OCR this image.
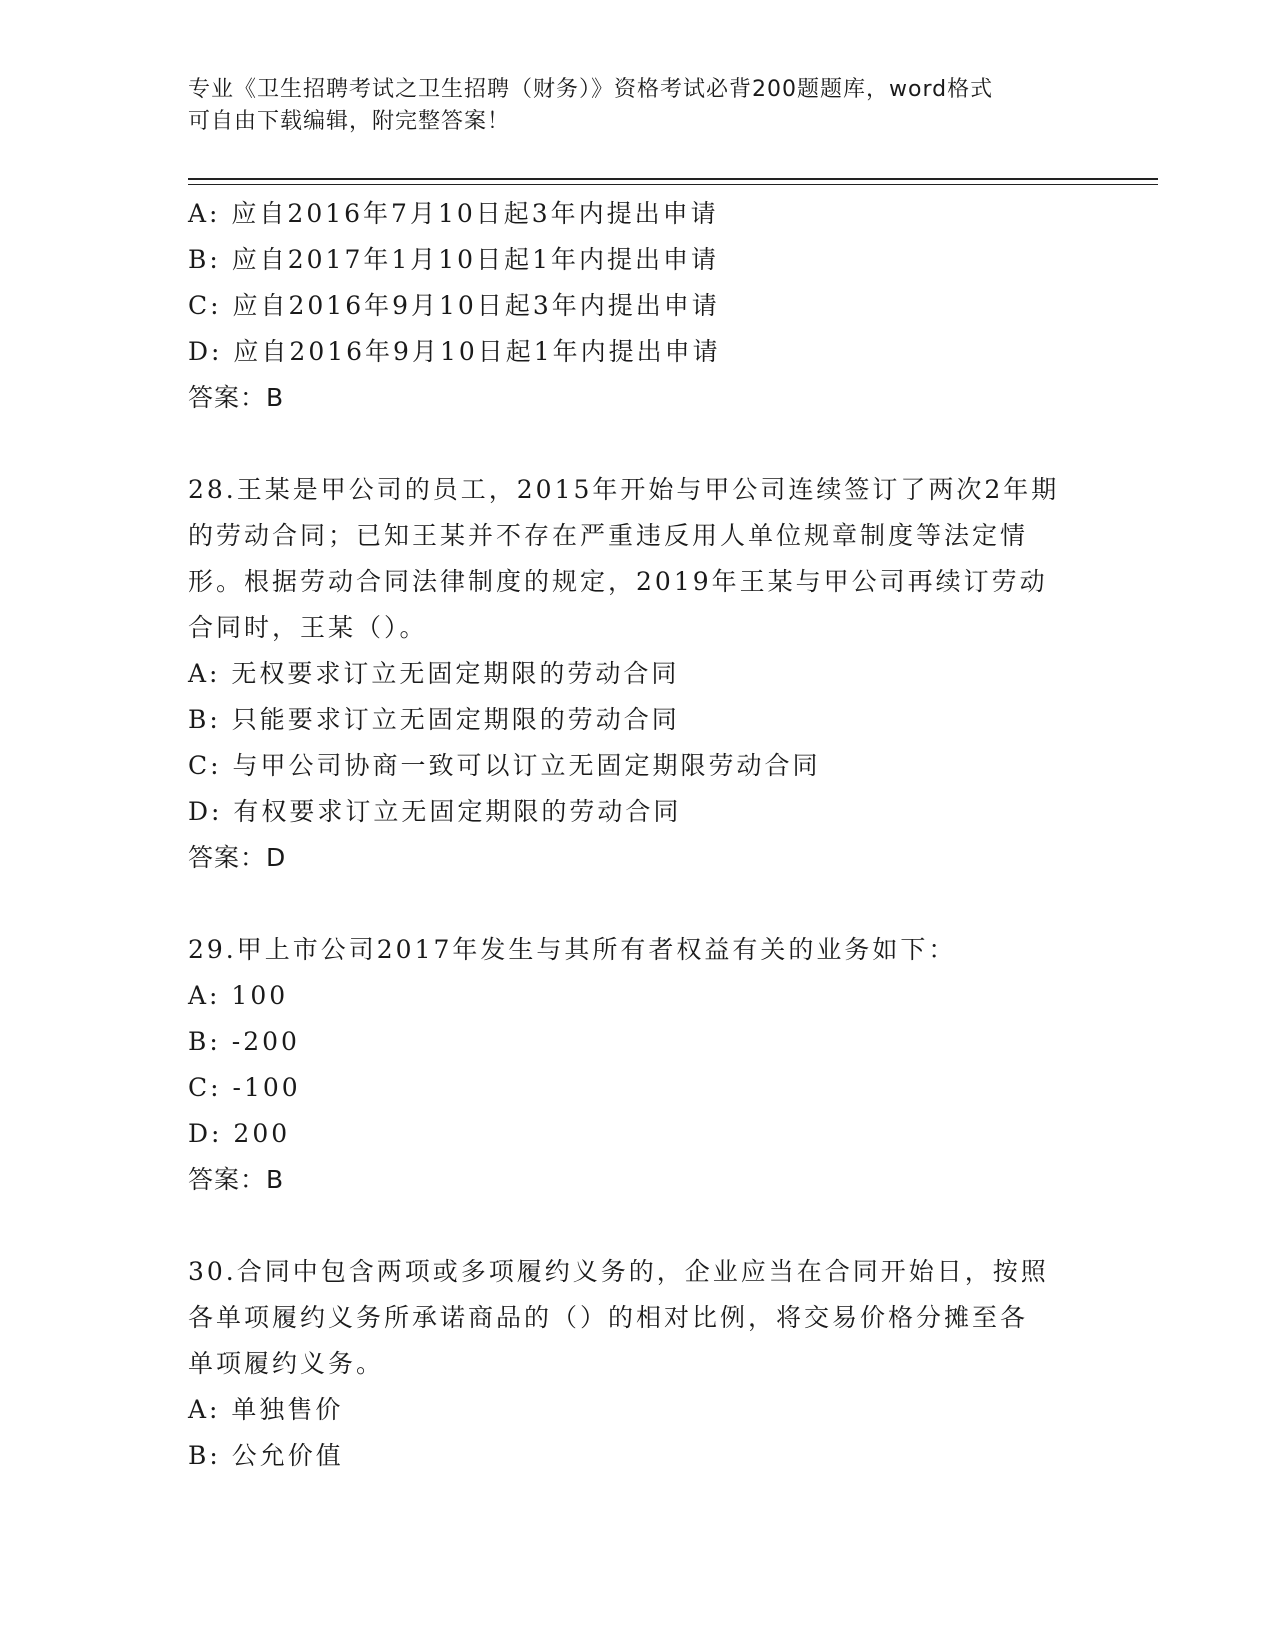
专业《卫生招聘考试之卫生招聘（财务）》资格考试必背200题题库，word格式
可自由下载编辑，附完整答案！
A: 应自2016年7月10日起3年内提出申请
B: 应自2017年1月10日起1年内提出申请
C: 应自2016年9月10日起3年内提出申请
D: 应自2016年9月10日起1年内提出申请
答案：B
28.王某是甲公司的员工，2015年开始与甲公司连续签订了两次2年期
的劳动合同；已知王某并不存在严重违反用人单位规章制度等法定情
形。根据劳动合同法律制度的规定，2019年王某与甲公司再续订劳动
合同时，王某（）。
A: 无权要求订立无固定期限的劳动合同
B: 只能要求订立无固定期限的劳动合同
C: 与甲公司协商一致可以订立无固定期限劳动合同
D: 有权要求订立无固定期限的劳动合同
答案：D
29.甲上市公司2017年发生与其所有者权益有关的业务如下：
A: 100
B: -200
C: -100
D: 200
答案：B
30.合同中包含两项或多项履约义务的，企业应当在合同开始日，按照
各单项履约义务所承诺商品的（）的相对比例，将交易价格分摊至各
单项履约义务。
A: 单独售价
B: 公允价值
